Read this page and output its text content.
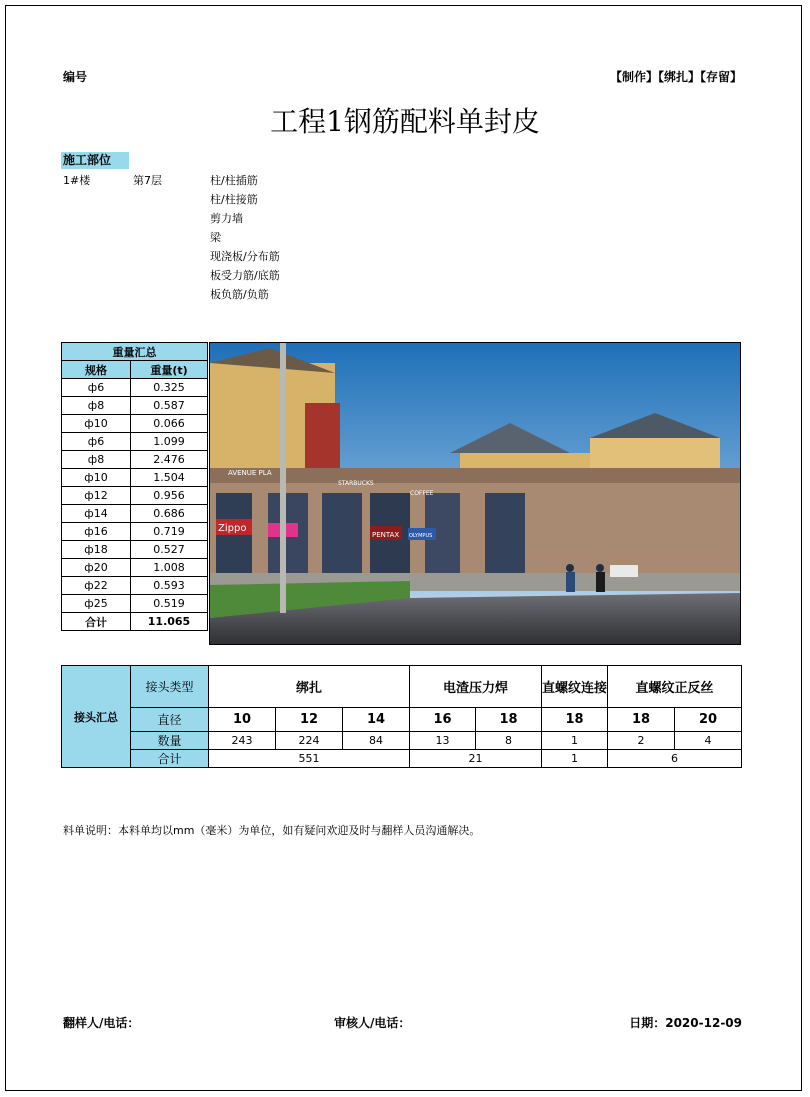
编号	【制作】【绑扎】【存留】
工程1钢筋配料单封皮
施工部位
1#楼	第7层	柱/柱插筋
柱/柱接筋
剪力墙
梁
现浇板/分布筋
板受力筋/底筋
板负筋/负筋
重量汇总	
规格	重量(t)
ф6	0.325
ф8	0.587
ф10	0.066
ф6	1.099
ф8	2.476
ф10	1.504
ф12	0.956
ф14	0.686
ф16	0.719
ф18	0.527
ф20	1.008
ф22	0.593
ф25	0.519
合计	11.065
Zippo
PENTAX OLYMPUS
AVENUE PLA
STARBUCKS
COFFEE
接头汇总	接头类型	绑扎			电渣压力焊		直螺纹连接	直螺纹正反丝	
	直径	10	12	14	16	18	18	18	20
	数量	243	224	84	13	8	1	2	4
	合计	551			21		1	6	
料单说明：本料单均以mm（毫米）为单位，如有疑问欢迎及时与翻样人员沟通解决。
翻样人/电话：	审核人/电话：	日期：2020-12-09
